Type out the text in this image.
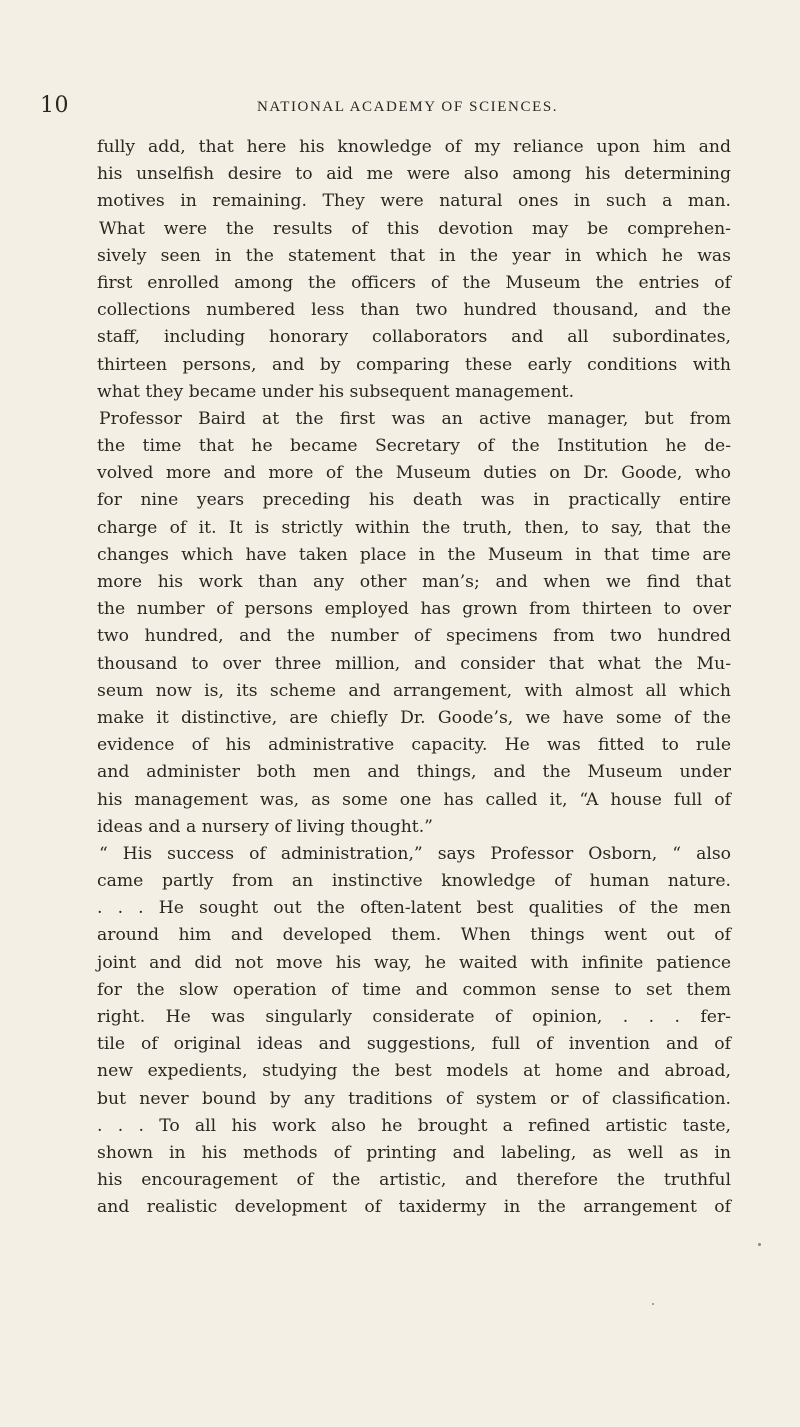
10	NATIONAL ACADEMY OF SCIENCES.
fully add, that here his knowledge of my reliance upon him and
his unselfish desire to aid me were also among his determining
motives in remaining. They were natural ones in such a man.
What were the results of this devotion may be comprehen-
sively seen in the statement that in the year in which he was
first enrolled among the officers of the Museum the entries of
collections numbered less than two hundred thousand, and the
staff, including honorary collaborators and all subordinates,
thirteen persons, and by comparing these early conditions with
what they became under his subsequent management.
Professor Baird at the first was an active manager, but from
the time that he became Secretary of the Institution he de-
volved more and more of the Museum duties on Dr. Goode, who
for nine years preceding his death was in practically entire
charge of it. It is strictly within the truth, then, to say, that the
changes which have taken place in the Museum in that time are
more his work than any other man’s; and when we find that
the number of persons employed has grown from thirteen to over
two hundred, and the number of specimens from two hundred
thousand to over three million, and consider that what the Mu-
seum now is, its scheme and arrangement, with almost all which
make it distinctive, are chiefly Dr. Goode’s, we have some of the
evidence of his administrative capacity. He was fitted to rule
and administer both men and things, and the Museum under
his management was, as some one has called it, “A house full of
ideas and a nursery of living thought.”
“ His success of administration,” says Professor Osborn, “ also
came partly from an instinctive knowledge of human nature.
. . . He sought out the often-latent best qualities of the men
around him and developed them. When things went out of
joint and did not move his way, he waited with infinite patience
for the slow operation of time and common sense to set them
right. He was singularly considerate of opinion, . . . fer-
tile of original ideas and suggestions, full of invention and of
new expedients, studying the best models at home and abroad,
but never bound by any traditions of system or of classification.
. . . To all his work also he brought a refined artistic taste,
shown in his methods of printing and labeling, as well as in
his encouragement of the artistic, and therefore the truthful
and realistic development of taxidermy in the arrangement of
